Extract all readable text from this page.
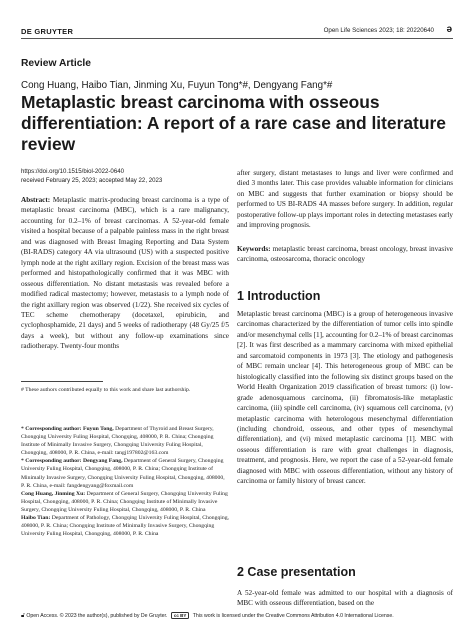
DE GRUYTER	Open Life Sciences 2023; 18: 20220640 ə
Review Article
Cong Huang, Haibo Tian, Jinming Xu, Fuyun Tong*#, Dengyang Fang*#
Metaplastic breast carcinoma with osseous differentiation: A report of a rare case and literature review
https://doi.org/10.1515/biol-2022-0640
received February 25, 2023; accepted May 22, 2023
Abstract: Metaplastic matrix-producing breast carcinoma is a type of metaplastic breast carcinoma (MBC), which is a rare malignancy, accounting for 0.2–1% of breast carcinomas. A 52-year-old female visited a hospital because of a palpable painless mass in the right breast and was diagnosed with Breast Imaging Reporting and Data System (BI-RADS) category 4A via ultrasound (US) with a suspected positive lymph node at the right axillary region. Excision of the breast mass was performed and histopathologically confirmed that it was MBC with osseous differentiation. No distant metastasis was revealed before a modified radical mastectomy; however, metastasis to a lymph node of the right axillary region was observed (1/22). She received six cycles of TEC scheme chemotherapy (docetaxel, epirubicin, and cyclophosphamide, 21 days) and 5 weeks of radiotherapy (48 Gy/25 f/5 days a week), but without any follow-up examinations since radiotherapy. Twenty-four months
# These authors contributed equally to this work and share last authorship.

* Corresponding author: Fuyun Tong, Department of Thyroid and Breast Surgery, Chongqing University Fuling Hospital, Chongqing, 408000, P. R. China; Chongqing Institute of Minimally Invasive Surgery, Chongqing University Fuling Hospital, Chongqing, 408000, P. R. China, e-mail: tangj197802@163.com

* Corresponding author: Dengyang Fang, Department of General Surgery, Chongqing University Fuling Hospital, Chongqing, 408000, P. R. China; Chongqing Institute of Minimally Invasive Surgery, Chongqing University Fuling Hospital, Chongqing, 408000, P. R. China, e-mail: fangdengyang@foxmail.com

Cong Huang, Jinming Xu: Department of General Surgery, Chongqing University Fuling Hospital, Chongqing, 408000, P. R. China; Chongqing Institute of Minimally Invasive Surgery, Chongqing University Fuling Hospital, Chongqing, 408000, P. R. China

Haibo Tian: Department of Pathology, Chongqing University Fuling Hospital, Chongqing, 408000, P. R. China; Chongqing Institute of Minimally Invasive Surgery, Chongqing University Fuling Hospital, Chongqing, 408000, P. R. China

after surgery, distant metastases to lungs and liver were confirmed and died 3 months later. This case provides valuable information for clinicians on MBC and suggests that further examination or biopsy should be performed to US BI-RADS 4A masses before surgery. In addition, regular postoperative follow-up plays important roles in detecting metastases early and improving prognosis.
Keywords: metaplastic breast carcinoma, breast oncology, breast invasive carcinoma, osteosarcoma, thoracic oncology
1 Introduction
Metaplastic breast carcinoma (MBC) is a group of heterogeneous invasive carcinomas characterized by the differentiation of tumor cells into spindle and/or mesenchymal cells [1], accounting for 0.2–1% of breast carcinomas [2]. It was first described as a mammary carcinoma with mixed epithelial and sarcomatoid components in 1973 [3]. The etiology and pathogenesis of MBC remain unclear [4]. This heterogeneous group of MBC can be histologically classified into the following six distinct groups based on the World Health Organization 2019 classification of breast tumors: (i) low-grade adenosquamous carcinoma, (ii) fibromatosis-like metaplastic carcinoma, (iii) spindle cell carcinoma, (iv) squamous cell carcinoma, (v) metaplastic carcinoma with heterologous mesenchymal differentiation (including chondroid, osseous, and other types of mesenchymal differentiation), and (vi) mixed metaplastic carcinoma [1]. MBC with osseous differentiation is rare with great challenges in diagnosis, treatment, and prognosis. Here, we report the case of a 52-year-old female diagnosed with MBC with osseous differentiation, without any history of carcinoma or family history of breast cancer.
2 Case presentation
A 52-year-old female was admitted to our hospital with a diagnosis of MBC with osseous differentiation, based on the
🔓︎ Open Access. © 2023 the author(s), published by De Gruyter. cc BY This work is licensed under the Creative Commons Attribution 4.0 International License.
